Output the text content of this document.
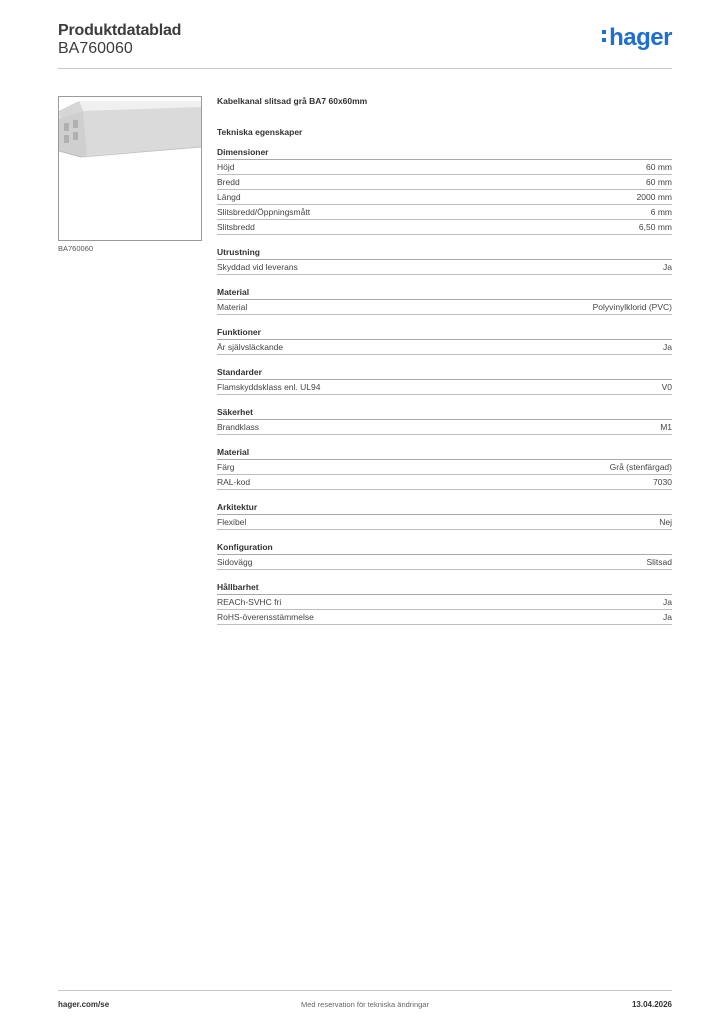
Produktdatablad
BA760060	hager
BA760060
Kabelkanal slitsad grå BA7 60x60mm
Tekniska egenskaper
Dimensioner
Höjd	60 mm
Bredd	60 mm
Längd	2000 mm
Slitsbredd/Öppningsmått	6 mm
Slitsbredd	6,50 mm
Utrustning
Skyddad vid leverans	Ja
Material
Material	Polyvinylklorid (PVC)
Funktioner
Är självsläckande	Ja
Standarder
Flamskyddsklass enl. UL94	V0
Säkerhet
Brandklass	M1
Material
Färg	Grå (stenfärgad)
RAL-kod	7030
Arkitektur
Flexibel	Nej
Konfiguration
Sidovägg	Slitsad
Hållbarhet
REACh-SVHC fri	Ja
RoHS-överensstämmelse	Ja
hager.com/se	Med reservation för tekniska ändringar	13.04.2026
